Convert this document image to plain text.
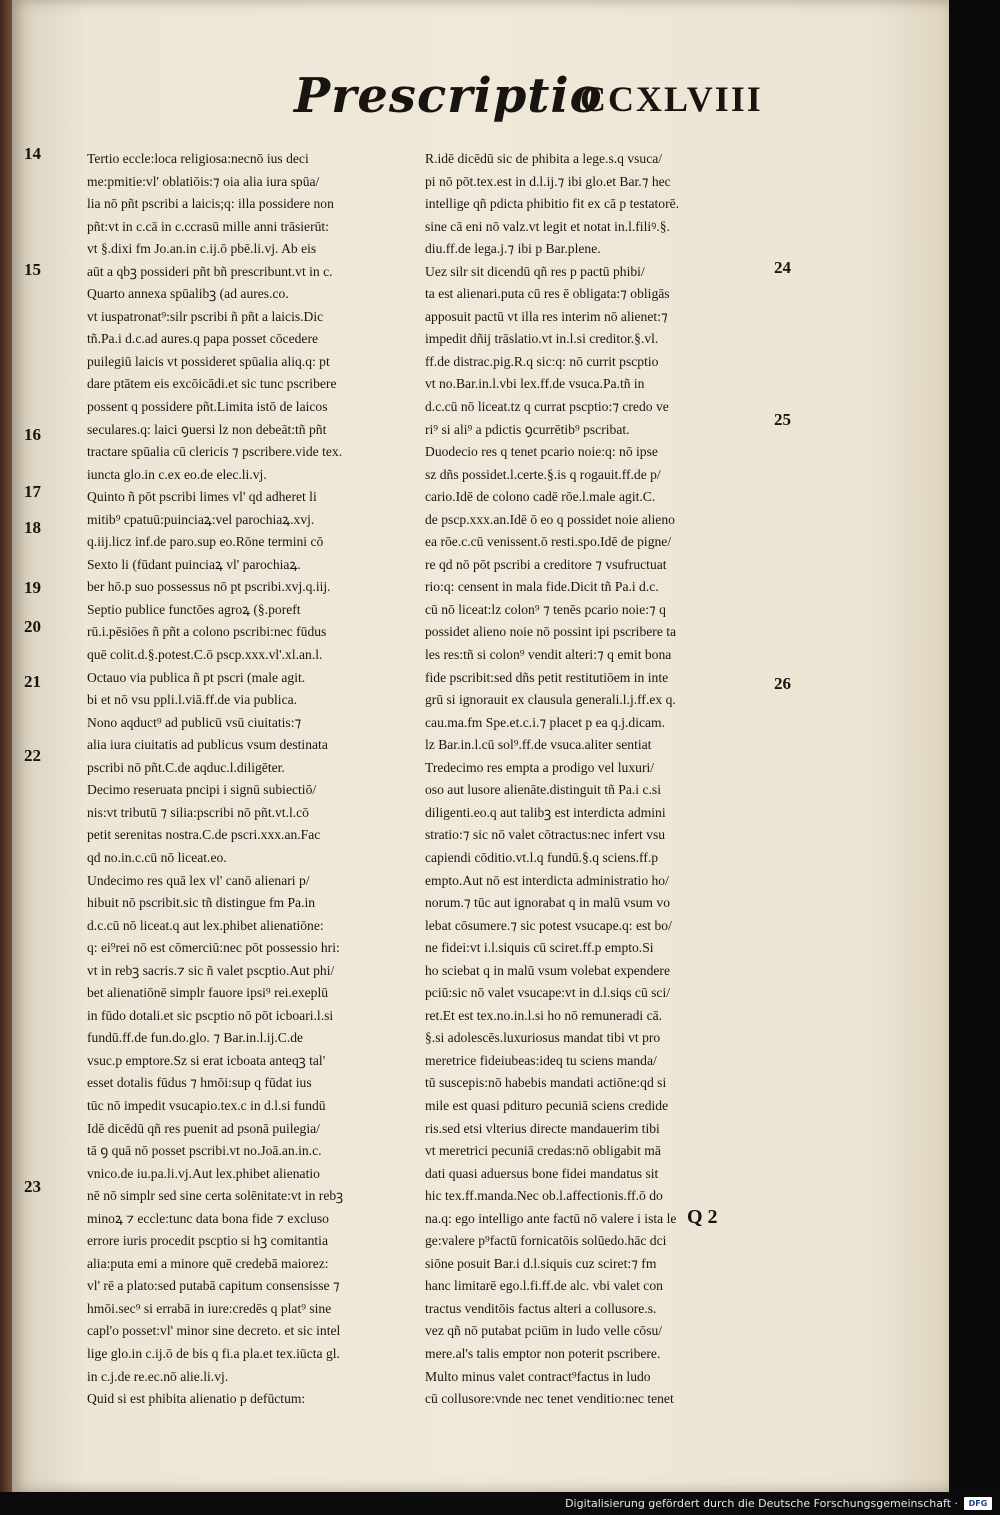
Prescriptio
CCXLVIII
Tertio eccle:loca religiosa:necnō ius deci
me:pmitie:vl' oblatiōis:⁊ oia alia iura spūa/
lia nō pñt pscribi a laicis;q: illa possidere non
pñt:vt in c.cā in c.ccrasū mille anni trāsierūt:
vt §.dixi fm Jo.an.in c.ij.ō pbē.li.vj. Ab eis
aūt a qbꝫ possideri pñt bñ prescribunt.vt in c.
Quarto annexa spūalibꝫ (ad aures.co.
vt iuspatronat⁹:silr pscribi ñ pñt a laicis.Dic
tñ.Pa.i d.c.ad aures.q papa posset cōcedere
puilegiū laicis vt possideret spūalia aliq.q: pt
dare ptātem eis excōicādi.et sic tunc pscribere
possent q possidere pñt.Limita istō de laicos
seculares.q: laici ꝯuersi lz non debeāt:tñ pñt
tractare spūalia cū clericis ⁊ pscribere.vide tex.
iuncta glo.in c.ex eo.de elec.li.vj.
Quinto ñ pōt pscribi limes vl' qd adheret li
mitib⁹ cpatuū:puinciaꝝ:vel parochiaꝝ.xvj.
q.iij.licz inf.de paro.sup eo.Rōne termini cō
Sexto li (fūdant puinciaꝝ vl' parochiaꝝ.
ber hō.p suo possessus nō pt pscribi.xvj.q.iij.
Septio publice functōes agroꝝ (§.poreft
rū.i.pēsiōes ñ pñt a colono pscribi:nec fūdus
quē colit.d.§.potest.C.ō pscp.xxx.vl'.xl.an.l.
Octauo via publica ñ pt pscri (male agit.
bi et nō vsu ppli.l.viā.ff.de via publica.
Nono aqduct⁹ ad publicū vsū ciuitatis:⁊
alia iura ciuitatis ad publicus vsum destinata
pscribi nō pñt.C.de aqduc.l.diligēter.
Decimo reseruata pncipi i signū subiectiō/
nis:vt tributū ⁊ silia:pscribi nō pñt.vt.l.cō
petit serenitas nostra.C.de pscri.xxx.an.Fac
qd no.in.c.cū nō liceat.eo.
Undecimo res quā lex vl' canō alienari p/
hibuit nō pscribit.sic tñ distingue fm Pa.in
d.c.cū nō liceat.q aut lex.phibet alienatiōne:
q: ei⁹rei nō est cōmerciū:nec pōt possessio hri:
vt in rebꝫ sacris.⁊ sic ñ valet pscptio.Aut phi/
bet alienatiōnē simplr fauore ipsi⁹ rei.exeplū
in fūdo dotali.et sic pscptio nō pōt icboari.l.si
fundū.ff.de fun.do.glo. ⁊ Bar.in.l.ij.C.de
vsuc.p emptore.Sz si erat icboata anteqꝫ tal'
esset dotalis fūdus ⁊ hmōi:sup q fūdat ius
tūc nō impedit vsucapio.tex.c in d.l.si fundū
Idē dicēdū qñ res puenit ad psonā puilegia/
tā ꝯ quā nō posset pscribi.vt no.Joā.an.in.c.
vnico.de iu.pa.li.vj.Aut lex.phibet alienatio
nē nō simplr sed sine certa solēnitate:vt in rebꝫ
minoꝝ ⁊ eccle:tunc data bona fide ⁊ excluso
errore iuris procedit pscptio si hꝫ comitantia
alia:puta emi a minore quē credebā maiorez:
vl' rē a plato:sed putabā capitum consensisse ⁊
hmōi.sec⁹ si errabā in iure:credēs q plat⁹ sine
capl'o posset:vl' minor sine decreto. et sic intel
lige glo.in c.ij.ō de bis q fi.a pla.et tex.iūcta gl.
in c.j.de re.ec.nō alie.li.vj.
Quid si est phibita alienatio p defūctum:
R.idē dicēdū sic de phibita a lege.s.q vsuca/
pi nō pōt.tex.est in d.l.ij.⁊ ibi glo.et Bar.⁊ hec
intellige qñ pdicta phibitio fit ex cā p testatorē.
sine cā eni nō valz.vt legit et notat in.l.filiꝰ.§.
diu.ff.de lega.j.⁊ ibi p Bar.plene.
Uez silr sit dicendū qñ res p pactū phibi/
ta est alienari.puta cū res ē obligata:⁊ obligās
apposuit pactū vt illa res interim nō alienet:⁊
impedit dñij trāslatio.vt in.l.si creditor.§.vl.
ff.de distrac.pig.R.q sic:q: nō currit pscptio
vt no.Bar.in.l.vbi lex.ff.de vsuca.Pa.tñ in
d.c.cū nō liceat.tz q currat pscptio:⁊ credo ve
ri⁹ si ali⁹ a pdictis ꝯcurrētib⁹ pscribat.
Duodecio res q tenet pcario noie:q: nō ipse
sz dñs possidet.l.certe.§.is q rogauit.ff.de p/
cario.Idē de colono cadē rōe.l.male agit.C.
de pscp.xxx.an.Idē ō eo q possidet noie alieno
ea rōe.c.cū venissent.ō resti.spo.Idē de pigne/
re qd nō pōt pscribi a creditore ⁊ vsufructuat
rio:q: censent in mala fide.Dicit tñ Pa.i d.c.
cū nō liceat:lz colon⁹ ⁊ tenēs pcario noie:⁊ q
possidet alieno noie nō possint ipi pscribere ta
les res:tñ si colon⁹ vendit alteri:⁊ q emit bona
fide pscribit:sed dñs petit restitutiōem in inte
grū si ignorauit ex clausula generali.l.j.ff.ex q.
cau.ma.fm Spe.et.c.i.⁊ placet p ea q.j.dicam.
lz Bar.in.l.cū sol⁹.ff.de vsuca.aliter sentiat
Tredecimo res empta a prodigo vel luxuri/
oso aut lusore alienāte.distinguit tñ Pa.i c.si
diligenti.eo.q aut talibꝫ est interdicta admini
stratio:⁊ sic nō valet cōtractus:nec infert vsu
capiendi cōditio.vt.l.q fundū.§.q sciens.ff.p
empto.Aut nō est interdicta administratio ho/
norum.⁊ tūc aut ignorabat q in malū vsum vo
lebat cōsumere.⁊ sic potest vsucape.q: est bo/
ne fidei:vt i.l.siquis cū sciret.ff.p empto.Si
ho sciebat q in malū vsum volebat expendere
pciū:sic nō valet vsucape:vt in d.l.siqs cū sci/
ret.Et est tex.no.in.l.si ho nō remuneradi cā.
§.si adolescēs.luxuriosus mandat tibi vt pro
meretrice fideiubeas:ideq tu sciens manda/
tū suscepis:nō habebis mandati actiōne:qd si
mile est quasi pdituro pecuniā sciens credide
ris.sed etsi vlterius directe mandauerim tibi
vt meretrici pecuniā credas:nō obligabit mā
dati quasi aduersus bone fidei mandatus sit
hic tex.ff.manda.Nec ob.l.affectionis.ff.ō do
na.q: ego intelligo ante factū nō valere i ista le
ge:valere p⁹factū fornicatōis solūedo.hāc dci
siōne posuit Bar.i d.l.siquis cuz sciret:⁊ fm
hanc limitarē ego.l.fi.ff.de alc. vbi valet con
tractus venditōis factus alteri a collusore.s.
vez qñ nō putabat pciūm in ludo velle cōsu/
mere.al's talis emptor non poterit pscribere.
Multo minus valet contract⁹factus in ludo
cū collusore:vnde nec tenet venditio:nec tenet
14
15
16
17
18
19
20
21
22
23
24
25
26
Q 2
Digitalisierung gefördert durch die Deutsche Forschungsgemeinschaft ·	DFG
